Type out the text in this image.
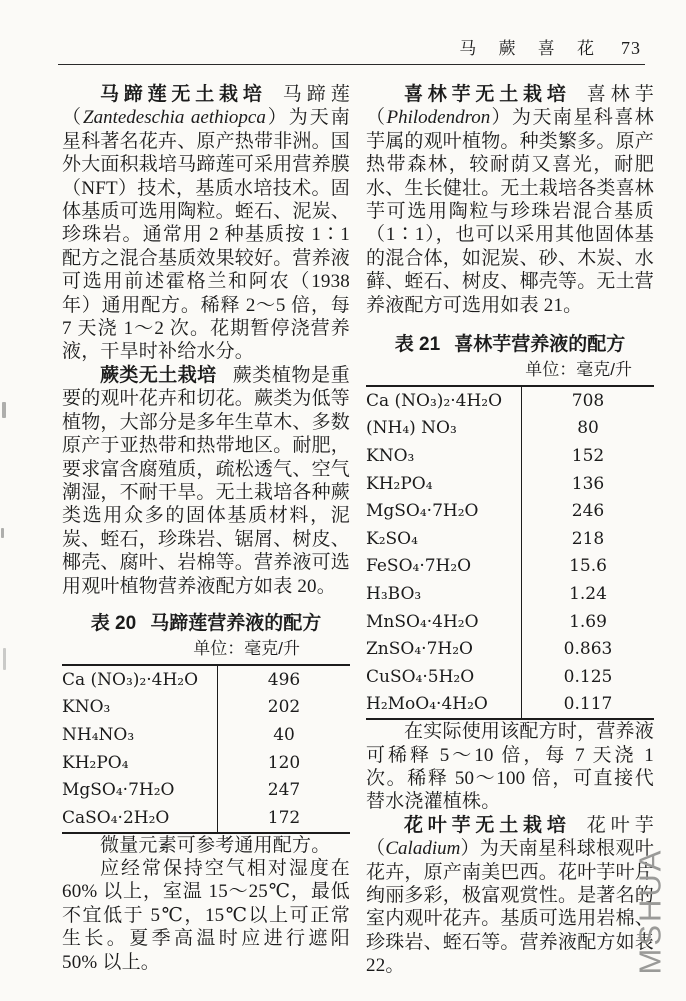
马 蕨 喜 花 73

马蹄莲无土栽培 马蹄莲（Zantedeschia aethiopca）为天南星科著名花卉、原产热带非洲。国外大面积栽培马蹄莲可采用营养膜（NFT）技术，基质水培技术。固体基质可选用陶粒。蛭石、泥炭、珍珠岩。通常用 2 种基质按 1∶1 配方之混合基质效果较好。营养液可选用前述霍格兰和阿农（1938 年）通用配方。稀释 2～5 倍，每 7 天浇 1～2 次。花期暂停浇营养液，干旱时补给水分。

蕨类无土栽培 蕨类植物是重要的观叶花卉和切花。蕨类为低等植物，大部分是多年生草木、多数原产于亚热带和热带地区。耐肥，要求富含腐殖质，疏松透气、空气潮湿，不耐干旱。无土栽培各种蕨类选用众多的固体基质材料，泥炭、蛭石，珍珠岩、锯屑、树皮、椰壳、腐叶、岩棉等。营养液可选用观叶植物营养液配方如表 20。

表 20 马蹄莲营养液的配方
单位：毫克/升
Ca (NO₃)₂·4H₂O	496
KNO₃	202
NH₄NO₃	40
KH₂PO₄	120
MgSO₄·7H₂O	247
CaSO₄·2H₂O	172

微量元素可参考通用配方。

应经常保持空气相对湿度在 60% 以上，室温 15～25℃，最低不宜低于 5℃，15℃以上可正常生长。夏季高温时应进行遮阳 50% 以上。

喜林芋无土栽培 喜林芋（Philodendron）为天南星科喜林芋属的观叶植物。种类繁多。原产热带森林，较耐荫又喜光，耐肥水、生长健壮。无土栽培各类喜林芋可选用陶粒与珍珠岩混合基质（1∶1），也可以采用其他固体基的混合体，如泥炭、砂、木炭、水藓、蛭石、树皮、椰壳等。无土营养液配方可选用如表 21。

表 21 喜林芋营养液的配方
单位：毫克/升
Ca (NO₃)₂·4H₂O	708
(NH₄) NO₃	80
KNO₃	152
KH₂PO₄	136
MgSO₄·7H₂O	246
K₂SO₄	218
FeSO₄·7H₂O	15.6
H₃BO₃	1.24
MnSO₄·4H₂O	1.69
ZnSO₄·7H₂O	0.863
CuSO₄·5H₂O	0.125
H₂MoO₄·4H₂O	0.117

在实际使用该配方时，营养液可稀释 5～10 倍，每 7 天浇 1 次。稀释 50～100 倍，可直接代替水浇灌植株。

花叶芋无土栽培 花叶芋（Caladium）为天南星科球根观叶花卉，原产南美巴西。花叶芋叶片绚丽多彩，极富观赏性。是著名的室内观叶花卉。基质可选用岩棉、珍珠岩、蛭石等。营养液配方如表 22。	MSHUA
